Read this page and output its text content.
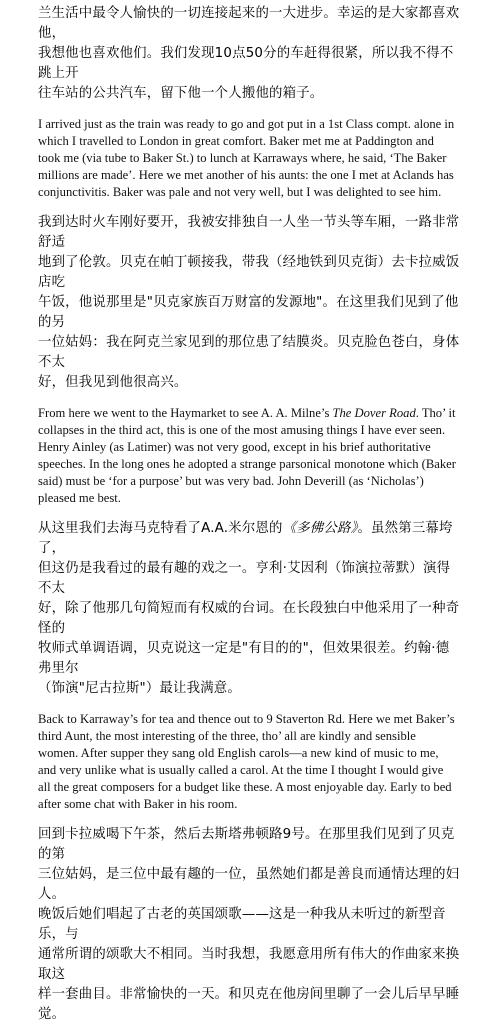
兰生活中最令人愉快的一切连接起来的一大进步。幸运的是大家都喜欢他，
我想他也喜欢他们。我们发现10点50分的车赶得很紧，所以我不得不跳上开
往车站的公共汽车，留下他一个人搬他的箱子。

I arrived just as the train was ready to go and got put in a 1st Class compt. alone in
which I travelled to London in great comfort. Baker met me at Paddington and
took me (via tube to Baker St.) to lunch at Karraways where, he said, ‘The Baker
millions are made’. Here we met another of his aunts: the one I met at Aclands has
conjunctivitis. Baker was pale and not very well, but I was delighted to see him.

我到达时火车刚好要开，我被安排独自一人坐一节头等车厢，一路非常舒适
地到了伦敦。贝克在帕丁顿接我，带我（经地铁到贝克街）去卡拉威饭店吃
午饭，他说那里是"贝克家族百万财富的发源地"。在这里我们见到了他的另
一位姑妈：我在阿克兰家见到的那位患了结膜炎。贝克脸色苍白，身体不太
好，但我见到他很高兴。

From here we went to the Haymarket to see A. A. Milne’s The Dover Road. Tho’ it
collapses in the third act, this is one of the most amusing things I have ever seen.
Henry Ainley (as Latimer) was not very good, except in his brief authoritative
speeches. In the long ones he adopted a strange parsonical monotone which (Baker
said) must be ‘for a purpose’ but was very bad. John Deverill (as ‘Nicholas’)
pleased me best.

从这里我们去海马克特看了A.A.米尔恩的《多佛公路》。虽然第三幕垮了，
但这仍是我看过的最有趣的戏之一。亨利·艾因利（饰演拉蒂默）演得不太
好，除了他那几句简短而有权威的台词。在长段独白中他采用了一种奇怪的
牧师式单调语调，贝克说这一定是"有目的的"，但效果很差。约翰·德弗里尔
（饰演"尼古拉斯"）最让我满意。

Back to Karraway’s for tea and thence out to 9 Staverton Rd. Here we met Baker’s
third Aunt, the most interesting of the three, tho’ all are kindly and sensible
women. After supper they sang old English carols—a new kind of music to me,
and very unlike what is usually called a carol. At the time I thought I would give
all the great composers for a budget like these. A most enjoyable day. Early to bed
after some chat with Baker in his room.

回到卡拉威喝下午茶，然后去斯塔弗顿路9号。在那里我们见到了贝克的第
三位姑妈，是三位中最有趣的一位，虽然她们都是善良而通情达理的妇人。
晚饭后她们唱起了古老的英国颂歌——这是一种我从未听过的新型音乐，与
通常所谓的颂歌大不相同。当时我想，我愿意用所有伟大的作曲家来换取这
样一套曲目。非常愉快的一天。和贝克在他房间里聊了一会儿后早早睡觉。
